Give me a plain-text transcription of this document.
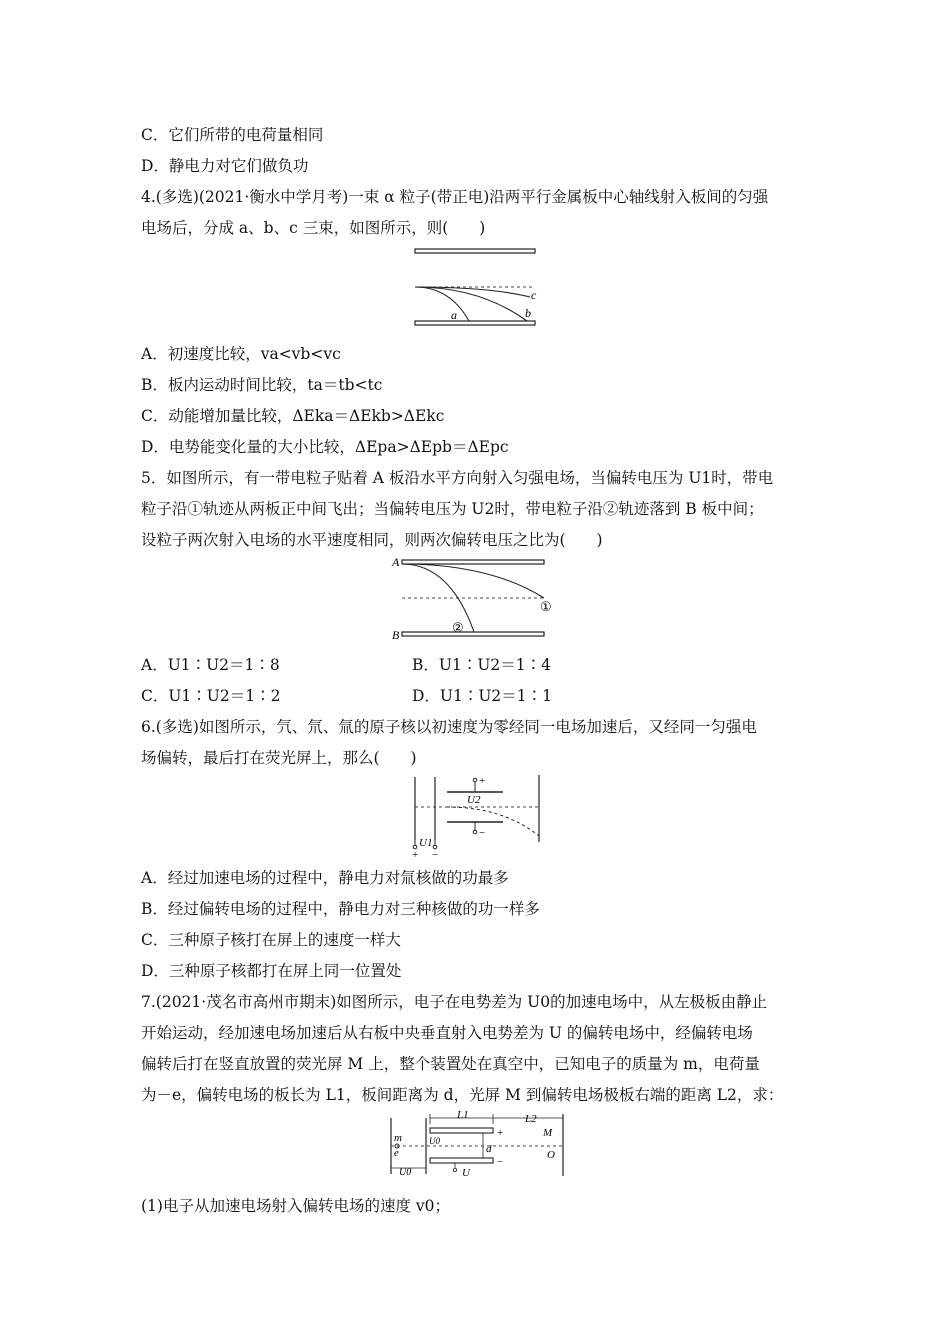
C．它们所带的电荷量相同
D．静电力对它们做负功
4.(多选)(2021·衡水中学月考)一束 α 粒子(带正电)沿两平行金属板中心轴线射入板间的匀强
电场后，分成 a、b、c 三束，如图所示，则(　　)
a	b
c
A．初速度比较，va<vb<vc
B．板内运动时间比较，ta＝tb<tc
C．动能增加量比较，ΔEka＝ΔEkb>ΔEkc
D．电势能变化量的大小比较，ΔEpa>ΔEpb＝ΔEpc
5．如图所示，有一带电粒子贴着 A 板沿水平方向射入匀强电场，当偏转电压为 U1时，带电
粒子沿①轨迹从两板正中间飞出；当偏转电压为 U2时，带电粒子沿②轨迹落到 B 板中间；
设粒子两次射入电场的水平速度相同，则两次偏转电压之比为(　　)
A
B
①
②
A．U1∶U2＝1∶8	B．U1∶U2＝1∶4
C．U1∶U2＝1∶2	D．U1∶U2＝1∶1
6.(多选)如图所示，氕、氘、氚的原子核以初速度为零经同一电场加速后，又经同一匀强电
场偏转，最后打在荧光屏上，那么(　　)
+ −
U1
+
−
U2
A．经过加速电场的过程中，静电力对氚核做的功最多
B．经过偏转电场的过程中，静电力对三种核做的功一样多
C．三种原子核打在屏上的速度一样大
D．三种原子核都打在屏上同一位置处
7.(2021·茂名市高州市期末)如图所示，电子在电势差为 U0的加速电场中，从左极板由静止
开始运动，经加速电场加速后从右板中央垂直射入电势差为 U 的偏转电场中，经偏转电场
偏转后打在竖直放置的荧光屏 M 上，整个装置处在真空中，已知电子的质量为 m，电荷量
为－e，偏转电场的板长为 L1，板间距离为 d，光屏 M 到偏转电场极板右端的距离 L2，求：
m
e
U0
U0
L1	L2
+
−
d
U
M
O
(1)电子从加速电场射入偏转电场的速度 v0；
